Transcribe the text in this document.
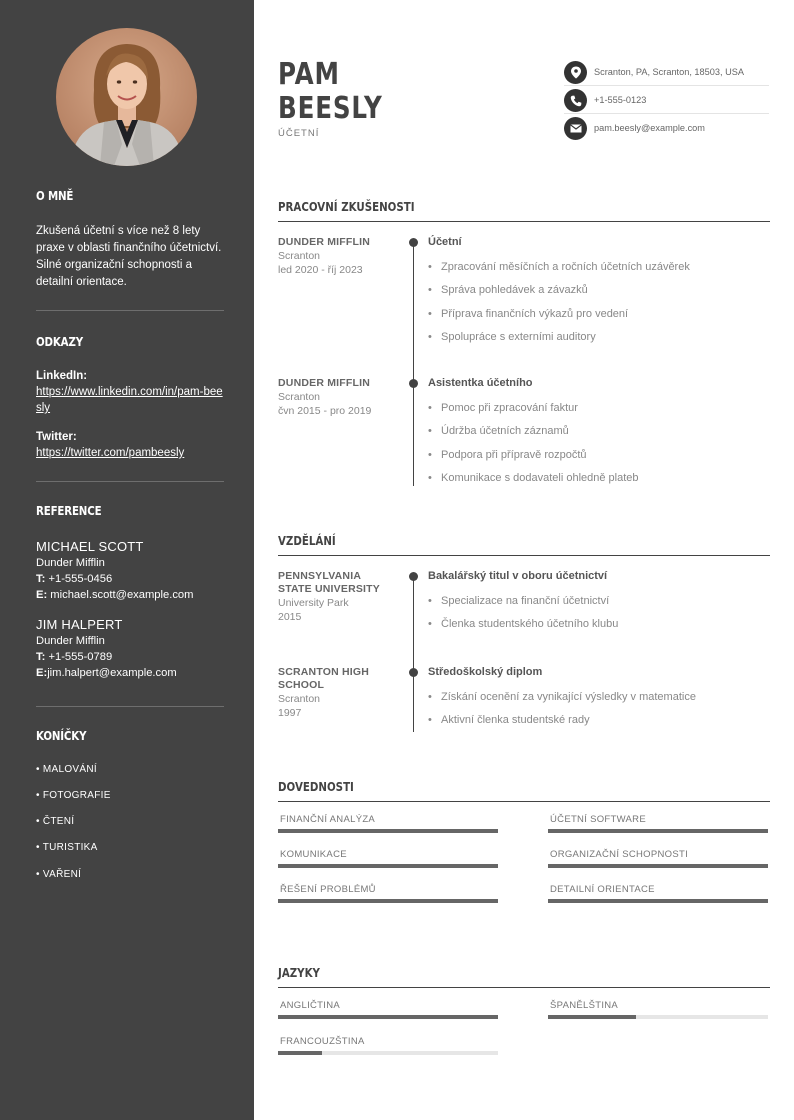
O MNĚ
Zkušená účetní s více než 8 lety praxe v oblasti finančního účetnictví. Silné organizační schopnosti a detailní orientace.
ODKAZY
LinkedIn:
https://www.linkedin.com/in/pam-beesly
Twitter:
https://twitter.com/pambeesly
REFERENCE
MICHAEL SCOTT
Dunder Mifflin
T: +1-555-0456
E: michael.scott@example.com
JIM HALPERT
Dunder Mifflin
T: +1-555-0789
E:jim.halpert@example.com
KONÍČKY
• MALOVÁNÍ
• FOTOGRAFIE
• ČTENÍ
• TURISTIKA
• VAŘENÍ
PAM
BEESLY
ÚČETNÍ
Scranton, PA, Scranton, 18503, USA
+1-555-0123
pam.beesly@example.com
PRACOVNÍ ZKUŠENOSTI
DUNDER MIFFLIN
Scranton
led 2020 - říj 2023
Účetní
• Zpracování měsíčních a ročních účetních uzávěrek
• Správa pohledávek a závazků
• Příprava finančních výkazů pro vedení
• Spolupráce s externími auditory
DUNDER MIFFLIN
Scranton
čvn 2015 - pro 2019
Asistentka účetního
• Pomoc při zpracování faktur
• Údržba účetních záznamů
• Podpora při přípravě rozpočtů
• Komunikace s dodavateli ohledně plateb
VZDĚLÁNÍ
PENNSYLVANIA
STATE UNIVERSITY
University Park
2015
Bakalářský titul v oboru účetnictví
• Specializace na finanční účetnictví
• Členka studentského účetního klubu
SCRANTON HIGH
SCHOOL
Scranton
1997
Středoškolský diplom
• Získání ocenění za vynikající výsledky v matematice
• Aktivní členka studentské rady
DOVEDNOSTI
FINANČNÍ ANALÝZA	ÚČETNÍ SOFTWARE
KOMUNIKACE	ORGANIZAČNÍ SCHOPNOSTI
ŘEŠENÍ PROBLÉMŮ	DETAILNÍ ORIENTACE
JAZYKY
ANGLIČTINA	ŠPANĚLŠTINA
FRANCOUZŠTINA
